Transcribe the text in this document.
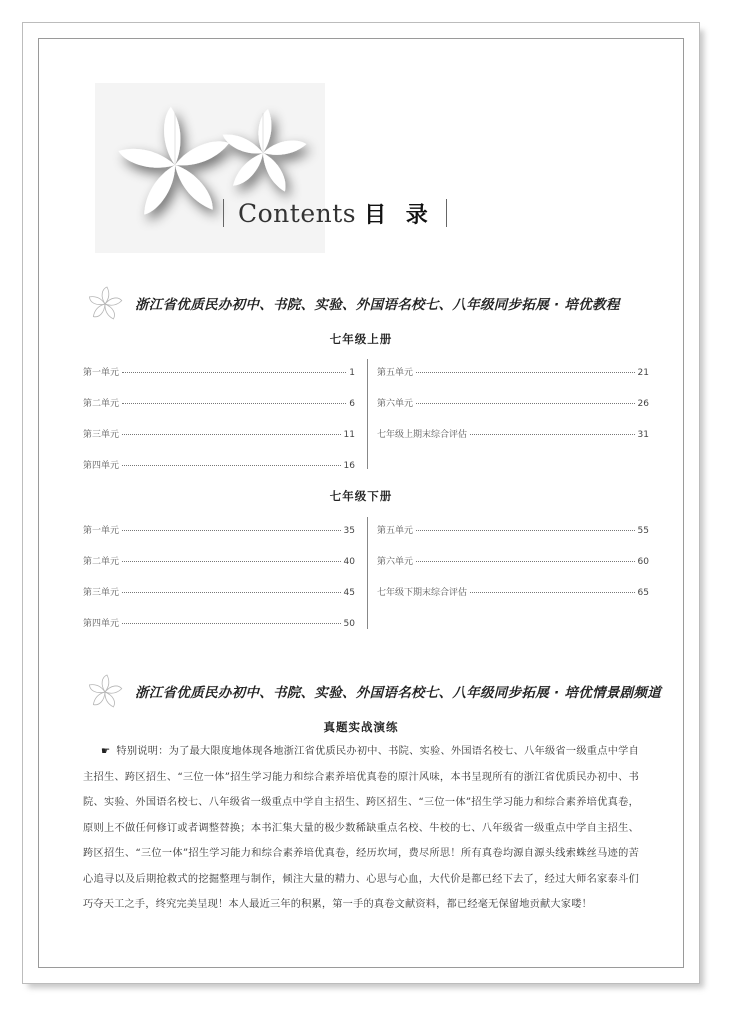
Contents 目 录
浙江省优质民办初中、书院、实验、外国语名校七、八年级同步拓展 · 培优教程
七年级上册
第一单元	1
第二单元	6
第三单元	11
第四单元	16
第五单元	21
第六单元	26
七年级上期末综合评估	31
七年级下册
第一单元	35
第二单元	40
第三单元	45
第四单元	50
第五单元	55
第六单元	60
七年级下期末综合评估	65
浙江省优质民办初中、书院、实验、外国语名校七、八年级同步拓展 · 培优情景剧频道
真题实战演练
☛ 特别说明：为了最大限度地体现各地浙江省优质民办初中、书院、实验、外国语名校七、八年级省一级重点中学自主招生、跨区招生、“三位一体”招生学习能力和综合素养培优真卷的原汁风味，本书呈现所有的浙江省优质民办初中、书院、实验、外国语名校七、八年级省一级重点中学自主招生、跨区招生、“三位一体”招生学习能力和综合素养培优真卷，原则上不做任何修订或者调整替换；本书汇集大量的极少数稀缺重点名校、牛校的七、八年级省一级重点中学自主招生、跨区招生、“三位一体”招生学习能力和综合素养培优真卷，经历坎坷，费尽所思！所有真卷均源自源头线索蛛丝马迹的苦心追寻以及后期抢救式的挖掘整理与制作，倾注大量的精力、心思与心血，大代价是都已经下去了，经过大师名家泰斗们巧夺天工之手，终究完美呈现！本人最近三年的积累，第一手的真卷文献资料，都已经毫无保留地贡献大家喽！
